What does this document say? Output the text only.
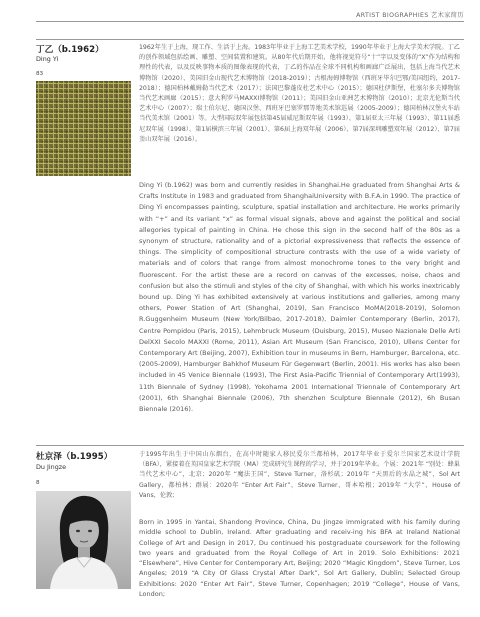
ARTIST BIOGRAPHIES 艺术家简历
丁乙（b.1962）
Ding Yi
83
1962年生于上海，现工作、生活于上海。1983年毕业于上海工艺美术学校，1990年毕业于上海大学美术学院。丁乙的创作领域包括绘画、雕塑、空间装置和建筑。从80年代后期开始，他将视觉符号“十”字以及变体的“X”作为结构和理性的代表，以及反映事物本质的图像表现的代表，丁乙的作品在全球不同机构和画廊广泛展出，包括上海当代艺术博物馆（2020）、美国旧金山现代艺术博物馆（2018-2019）；古根海姆博物馆（西班牙毕尔巴鄂/美国纽约，2017-2018）；德国柏林戴姆勒当代艺术（2017）；法国巴黎蓬皮杜艺术中心（2015）；德国杜伊斯堡，杜塞尔多夫博物馆当代艺术画廊（2015）；意大利罗马MAXXI博物馆（2011）；美国旧金山亚洲艺术博物馆（2010）；北京尤伦斯当代艺术中心（2007）；瑞士伯尔尼、德国汉堡、西班牙巴塞罗那等地美术馆巡展（2005-2009）；德国柏林汉堡火车站当代美术馆（2001）等。大型国际双年展包括第45届威尼斯双年展（1993）、第1届亚太三年展（1993）、第11届悉尼双年展（1998）、第1届横滨三年展（2001）、第6届上海双年展（2006）、第7届深圳雕塑双年展（2012）、第7届釜山双年展（2016）。
Ding Yi (b.1962) was born and currently resides in Shanghai.He graduated from Shanghai Arts & Crafts Institute in 1983 and graduated from ShanghaiUniversity with B.F.A.in 1990. The practice of Ding Yi encompasses painting, sculpture, spatial installation and architecture. He works primarily with “+” and its variant “x” as formal visual signals, above and against the political and social allegories typical of painting in China. He chose this sign in the second half of the 80s as a synonym of structure, rationality and of a pictorial expressiveness that reflects the essence of things. The simplicity of compositional structure contrasts with the use of a wide variety of materials and of colors that range from almost monochrome tones to the very bright and fluorescent. For the artist these are a record on canvas of the excesses, noise, chaos and confusion but also the stimuli and styles of the city of Shanghai, with which his works inextricably bound up. Ding Yi has exhibited extensively at various institutions and galleries, among many others, Power Station of Art (Shanghai, 2019), San Francisco MoMA(2018-2019), Solomon R.Guggenheim Museum (New York/Bilbao, 2017-2018), Daimler Contemporary (Berlin, 2017), Centre Pompidou (Paris, 2015), Lehmbruck Museum (Duisburg, 2015), Museo Nazionale Delle Arti DelXXI Secolo MAXXI (Rome, 2011), Asian Art Museum (San Francisco, 2010), Ullens Center for Contemporary Art (Beijing, 2007), Exhibition tour in museums in Bern, Hamburger, Barcelona, etc.(2005-2009), Hamburger Bahkhof Museum Für Gegenwart (Berlin, 2001). His works has also been included in 45 Venice Biennale (1993), The First Asia-Pacific Triennial of Contemporary Art(1993), 11th Biennale of Sydney (1998), Yokohama 2001 International Triennale of Contemporary Art (2001), 6th Shanghai Biennale (2006), 7th shenzhen Sculpture Biennale (2012), 6h Busan Biennale (2016).
杜京泽（b.1995）
Du Jingze
8
于1995年出生于中国山东烟台，在高中时随家人移民爱尔兰都柏林，2017年毕业于爱尔兰国家艺术设计学院（BFA），紧接着在英国皇家艺术学院（MA）完成研究生课程的学习，并于2019年毕业。个展：2021年 “别处：蜂巢当代艺术中心”，北京；2020年 “魔法王国”，Steve Turner，洛杉矶；2019年 “天黑后的水晶之城”，Sol Art Gallery，都柏林；群展：2020年 “Enter Art Fair”，Steve Turner，哥本哈根；2019年 “大学”，House of Vans，伦敦；
Born in 1995 in Yantai, Shandong Province, China, Du Jingze immigrated with his family during middle school to Dublin, Ireland. After graduating and receiv-ing his BFA at Ireland National College of Art and Design in 2017, Du continued his postgraduate coursework for the following two years and graduated from the Royal College of Art in 2019. Solo Exhibitions: 2021 “Elsewhere”, Hive Center for Contemporary Art, Beijing; 2020 “Magic Kingdom”, Steve Turner, Los Angeles; 2019 “A City Of Glass Crystal After Dark”, Sol Art Gallery, Dublin; Selected Group Exhibitions: 2020 “Enter Art Fair”, Steve Turner, Copenhagen; 2019 “College”, House of Vans, London;
